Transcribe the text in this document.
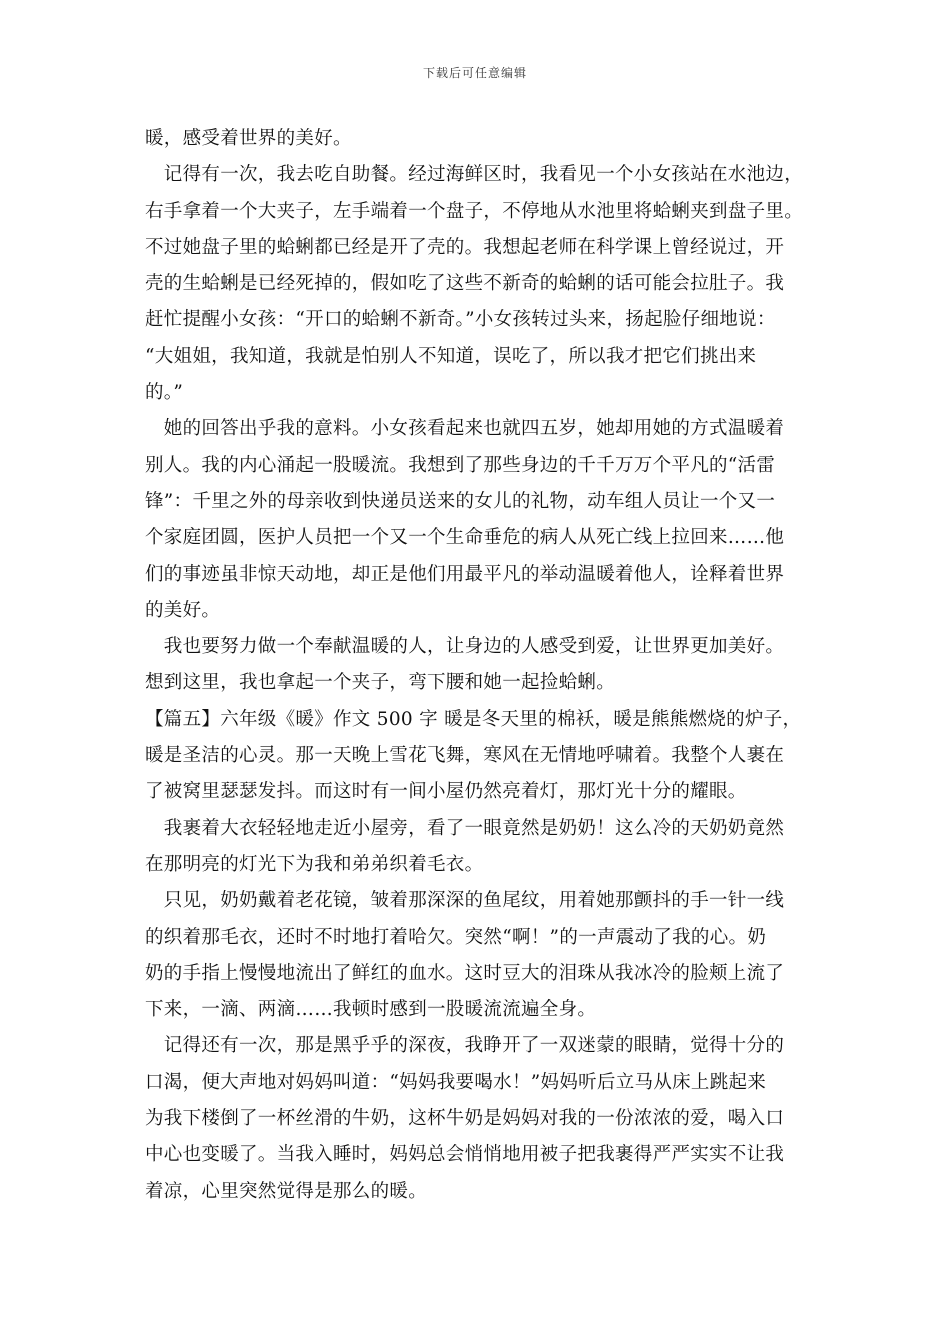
下载后可任意编辑
暖，感受着世界的美好。
　记得有一次，我去吃自助餐。经过海鲜区时，我看见一个小女孩站在水池边，
右手拿着一个大夹子，左手端着一个盘子，不停地从水池里将蛤蜊夹到盘子里。
不过她盘子里的蛤蜊都已经是开了壳的。我想起老师在科学课上曾经说过，开
壳的生蛤蜊是已经死掉的，假如吃了这些不新奇的蛤蜊的话可能会拉肚子。我
赶忙提醒小女孩：“开口的蛤蜊不新奇。”小女孩转过头来，扬起脸仔细地说：
“大姐姐，我知道，我就是怕别人不知道，误吃了，所以我才把它们挑出来
的。”
　她的回答出乎我的意料。小女孩看起来也就四五岁，她却用她的方式温暖着
别人。我的内心涌起一股暖流。我想到了那些身边的千千万万个平凡的“活雷
锋”：千里之外的母亲收到快递员送来的女儿的礼物，动车组人员让一个又一
个家庭团圆，医护人员把一个又一个生命垂危的病人从死亡线上拉回来……他
们的事迹虽非惊天动地，却正是他们用最平凡的举动温暖着他人，诠释着世界
的美好。
　我也要努力做一个奉献温暖的人，让身边的人感受到爱，让世界更加美好。
想到这里，我也拿起一个夹子，弯下腰和她一起捡蛤蜊。
【篇五】六年级《暖》作文 500 字 暖是冬天里的棉袄，暖是熊熊燃烧的炉子，
暖是圣洁的心灵。那一天晚上雪花飞舞，寒风在无情地呼啸着。我整个人裹在
了被窝里瑟瑟发抖。而这时有一间小屋仍然亮着灯，那灯光十分的耀眼。
　我裹着大衣轻轻地走近小屋旁，看了一眼竟然是奶奶！这么冷的天奶奶竟然
在那明亮的灯光下为我和弟弟织着毛衣。
　只见，奶奶戴着老花镜，皱着那深深的鱼尾纹，用着她那颤抖的手一针一线
的织着那毛衣，还时不时地打着哈欠。突然“啊！”的一声震动了我的心。奶
奶的手指上慢慢地流出了鲜红的血水。这时豆大的泪珠从我冰冷的脸颊上流了
下来，一滴、两滴……我顿时感到一股暖流流遍全身。
　记得还有一次，那是黑乎乎的深夜，我睁开了一双迷蒙的眼睛，觉得十分的
口渴，便大声地对妈妈叫道：“妈妈我要喝水！”妈妈听后立马从床上跳起来
为我下楼倒了一杯丝滑的牛奶，这杯牛奶是妈妈对我的一份浓浓的爱，喝入口
中心也变暖了。当我入睡时，妈妈总会悄悄地用被子把我裹得严严实实不让我
着凉，心里突然觉得是那么的暖。
